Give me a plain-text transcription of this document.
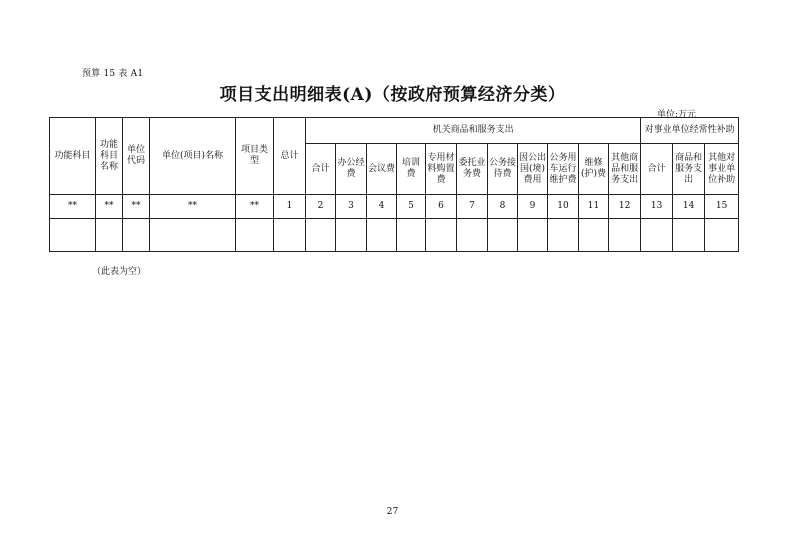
预算 15 表 A1
项目支出明细表(A)（按政府预算经济分类）
单位:万元
功能科目	功能科目名称	单位代码	单位(项目)名称	项目类型	总计	机关商品和服务支出											对事业单位经常性补助		
						合计	办公经费	会议费	培训费	专用材料购置费	委托业务费	公务接待费	因公出国(境)费用	公务用车运行维护费	维修(护)费	其他商品和服务支出	合计	商品和服务支出	其他对事业单位补助
**	**	**	**	**	1	2	3	4	5	6	7	8	9	10	11	12	13	14	15

（此表为空）
27
